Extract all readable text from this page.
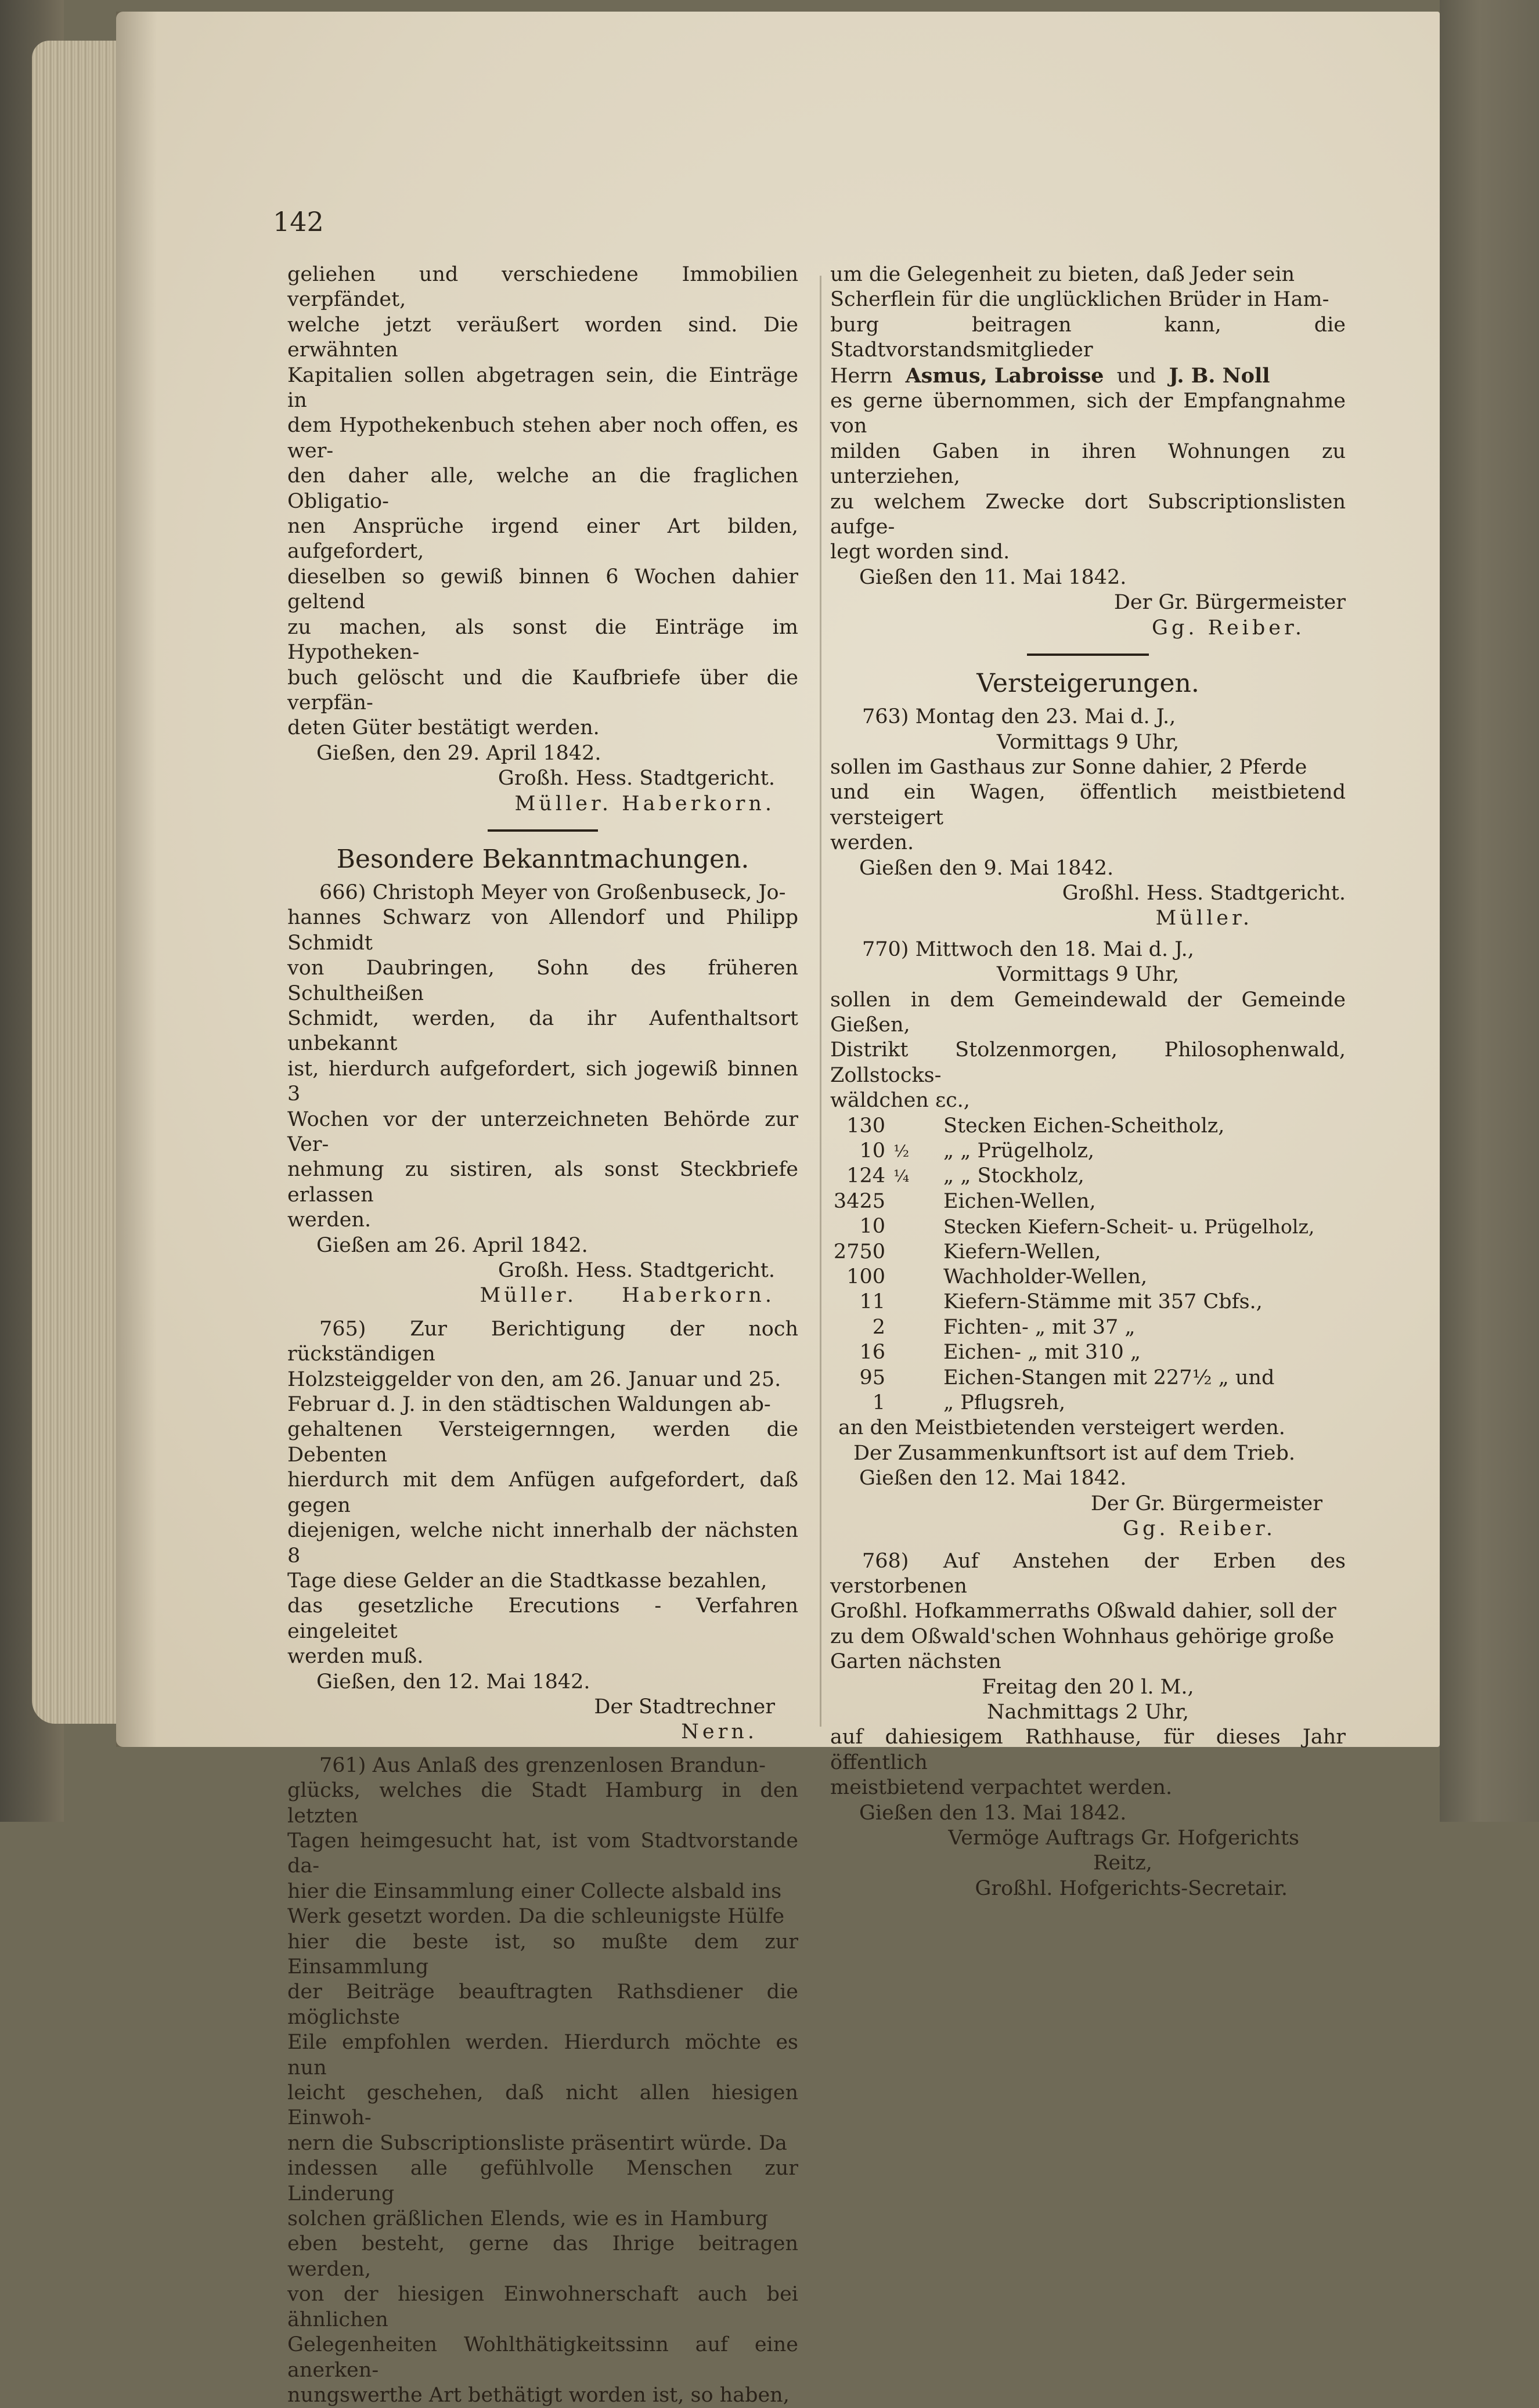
142

geliehen und verschiedene Immobilien verpfändet,

welche jetzt veräußert worden sind. Die erwähnten

Kapitalien sollen abgetragen sein, die Einträge in

dem Hypothekenbuch stehen aber noch offen, es wer-

den daher alle, welche an die fraglichen Obligatio-

nen Ansprüche irgend einer Art bilden, aufgefordert,

dieselben so gewiß binnen 6 Wochen dahier geltend

zu machen, als sonst die Einträge im Hypotheken-

buch gelöscht und die Kaufbriefe über die verpfän-

deten Güter bestätigt werden.

Gießen, den 29. April 1842.

Großh. Hess. Stadtgericht.

Müller. Haberkorn.

Besondere Bekanntmachungen.

666) Christoph Meyer von Großenbuseck, Jo-

hannes Schwarz von Allendorf und Philipp Schmidt

von Daubringen, Sohn des früheren Schultheißen

Schmidt, werden, da ihr Aufenthaltsort unbekannt

ist, hierdurch aufgefordert, sich jogewiß binnen 3

Wochen vor der unterzeichneten Behörde zur Ver-

nehmung zu sistiren, als sonst Steckbriefe erlassen

werden.

Gießen am 26. April 1842.

Großh. Hess. Stadtgericht.

Müller. Haberkorn.

765) Zur Berichtigung der noch rückständigen

Holzsteiggelder von den, am 26. Januar und 25.

Februar d. J. in den städtischen Waldungen ab-

gehaltenen Versteigernngen, werden die Debenten

hierdurch mit dem Anfügen aufgefordert, daß gegen

diejenigen, welche nicht innerhalb der nächsten 8

Tage diese Gelder an die Stadtkasse bezahlen,

das gesetzliche Erecutions - Verfahren eingeleitet

werden muß.

Gießen, den 12. Mai 1842.

Der Stadtrechner

Nern.

761) Aus Anlaß des grenzenlosen Brandun-

glücks, welches die Stadt Hamburg in den letzten

Tagen heimgesucht hat, ist vom Stadtvorstande da-

hier die Einsammlung einer Collecte alsbald ins

Werk gesetzt worden. Da die schleunigste Hülfe

hier die beste ist, so mußte dem zur Einsammlung

der Beiträge beauftragten Rathsdiener die möglichste

Eile empfohlen werden. Hierdurch möchte es nun

leicht geschehen, daß nicht allen hiesigen Einwoh-

nern die Subscriptionsliste präsentirt würde. Da

indessen alle gefühlvolle Menschen zur Linderung

solchen gräßlichen Elends, wie es in Hamburg

eben besteht, gerne das Ihrige beitragen werden,

von der hiesigen Einwohnerschaft auch bei ähnlichen

Gelegenheiten Wohlthätigkeitssinn auf eine anerken-

nungswerthe Art bethätigt worden ist, so haben,

um die Gelegenheit zu bieten, daß Jeder sein

Scherflein für die unglücklichen Brüder in Ham-

burg beitragen kann, die Stadtvorstandsmitglieder

Herrn Asmus, Labroisse und J. B. Noll

es gerne übernommen, sich der Empfangnahme von

milden Gaben in ihren Wohnungen zu unterziehen,

zu welchem Zwecke dort Subscriptionslisten aufge-

legt worden sind.

Gießen den 11. Mai 1842.

Der Gr. Bürgermeister

Gg. Reiber.

Versteigerungen.

763) Montag den 23. Mai d. J.,

Vormittags 9 Uhr,

sollen im Gasthaus zur Sonne dahier, 2 Pferde

und ein Wagen, öffentlich meistbietend versteigert

werden.

Gießen den 9. Mai 1842.

Großhl. Hess. Stadtgericht.

Müller.

770) Mittwoch den 18. Mai d. J.,

Vormittags 9 Uhr,

sollen in dem Gemeindewald der Gemeinde Gießen,

Distrikt Stolzenmorgen, Philosophenwald, Zollstocks-

wäldchen ɛc.,

130	Stecken Eichen-Scheitholz,
10 ½	„ „ Prügelholz,
124 ¼	„ „ Stockholz,
3425	Eichen-Wellen,
10	Stecken Kiefern-Scheit- u. Prügelholz,
2750	Kiefern-Wellen,
100	Wachholder-Wellen,
11	Kiefern-Stämme mit 357 Cbfs.,
2	Fichten- „ mit 37 „
16	Eichen- „ mit 310 „
95	Eichen-Stangen mit 227½ „ und
1	„ Pflugsreh,

an den Meistbietenden versteigert werden.

Der Zusammenkunftsort ist auf dem Trieb.

Gießen den 12. Mai 1842.

Der Gr. Bürgermeister

Gg. Reiber.

768) Auf Anstehen der Erben des verstorbenen

Großhl. Hofkammerraths Oßwald dahier, soll der

zu dem Oßwald'schen Wohnhaus gehörige große

Garten nächsten

Freitag den 20 l. M.,

Nachmittags 2 Uhr,

auf dahiesigem Rathhause, für dieses Jahr öffentlich

meistbietend verpachtet werden.

Gießen den 13. Mai 1842.

Vermöge Auftrags Gr. Hofgerichts

Reitz,

Großhl. Hofgerichts-Secretair.
